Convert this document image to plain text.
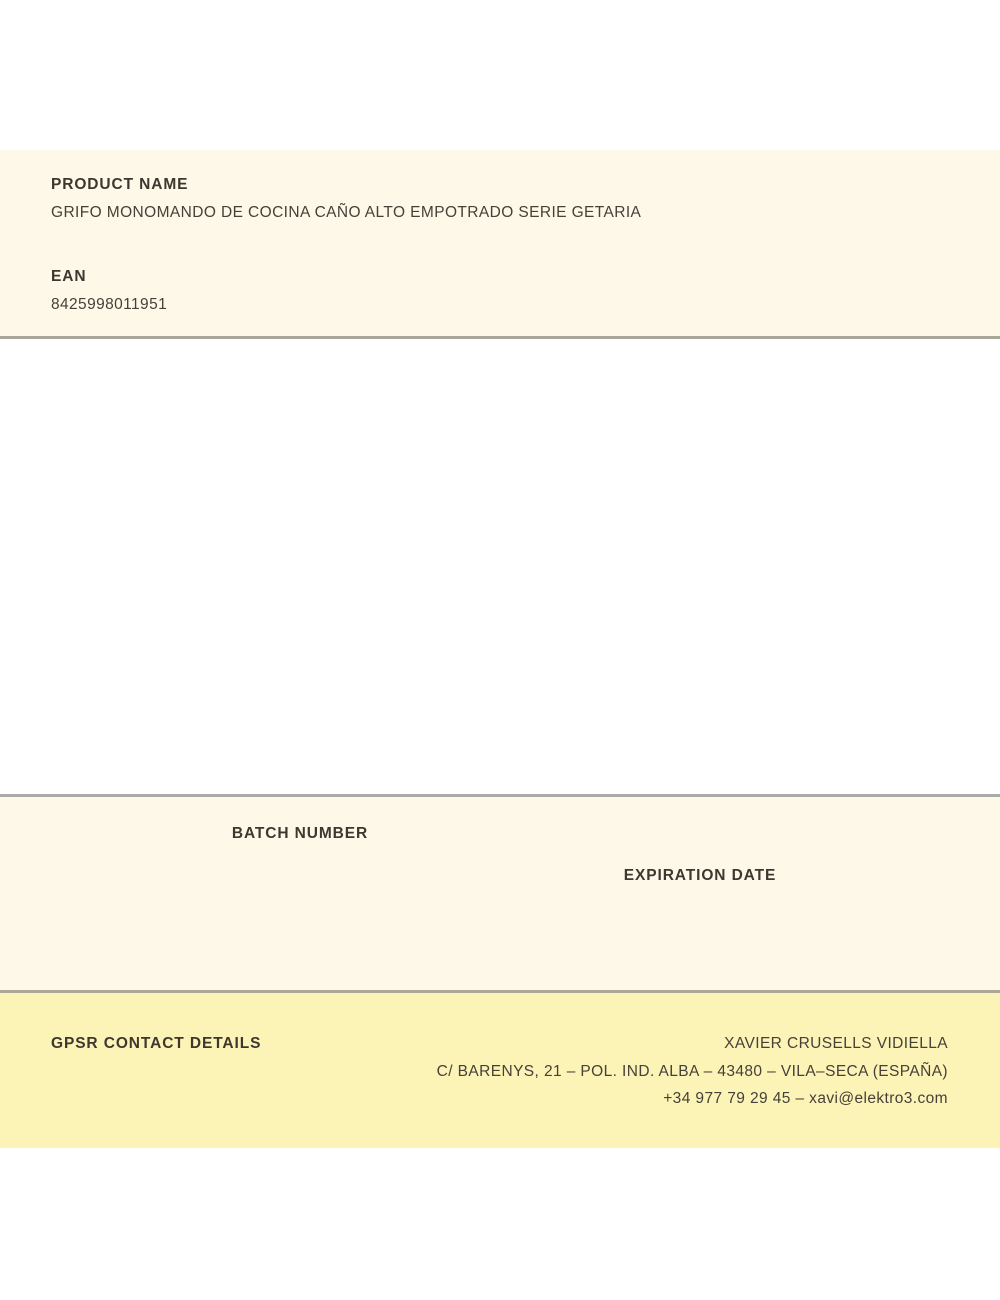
PRODUCT NAME
GRIFO MONOMANDO DE COCINA CAÑO ALTO EMPOTRADO SERIE GETARIA
EAN
8425998011951
BATCH NUMBER
EXPIRATION DATE
GPSR CONTACT DETAILS	XAVIER CRUSELLS VIDIELLA
C/ BARENYS, 21 – POL. IND. ALBA – 43480 – VILA–SECA (ESPAÑA)
+34 977 79 29 45 – xavi@elektro3.com
